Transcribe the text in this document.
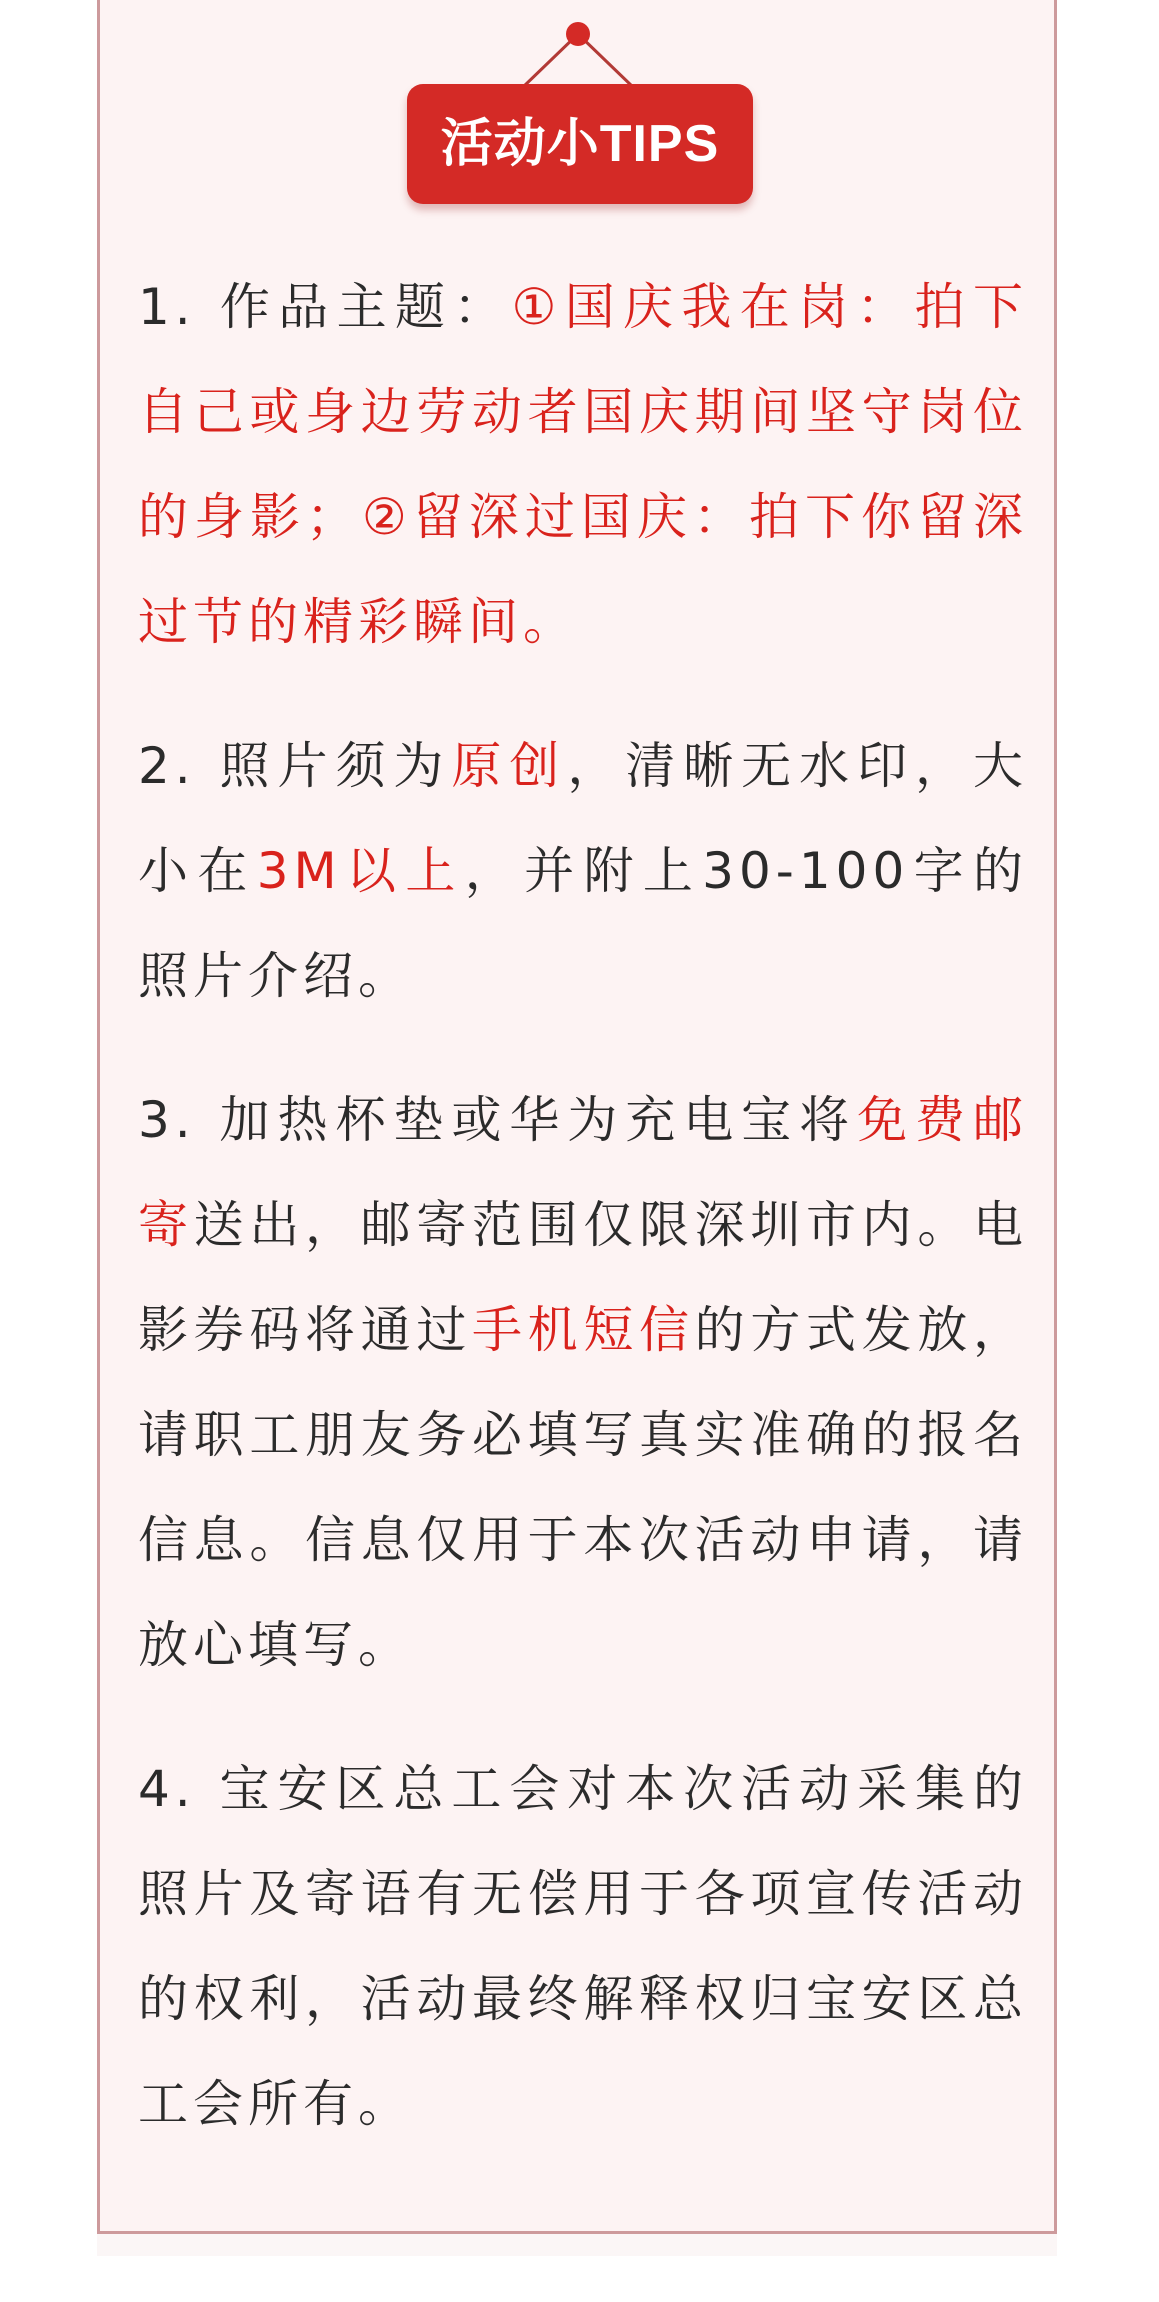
活动小TIPS

1. 作品主题：①国庆我在岗：拍下自己或身边劳动者国庆期间坚守岗位的身影；②留深过国庆：拍下你留深过节的精彩瞬间。

2. 照片须为原创，清晰无水印，大小在3M以上，并附上30-100字的照片介绍。

3. 加热杯垫或华为充电宝将免费邮寄送出，邮寄范围仅限深圳市内。电影券码将通过手机短信的方式发放，请职工朋友务必填写真实准确的报名信息。信息仅用于本次活动申请，请放心填写。

4. 宝安区总工会对本次活动采集的照片及寄语有无偿用于各项宣传活动的权利，活动最终解释权归宝安区总工会所有。
